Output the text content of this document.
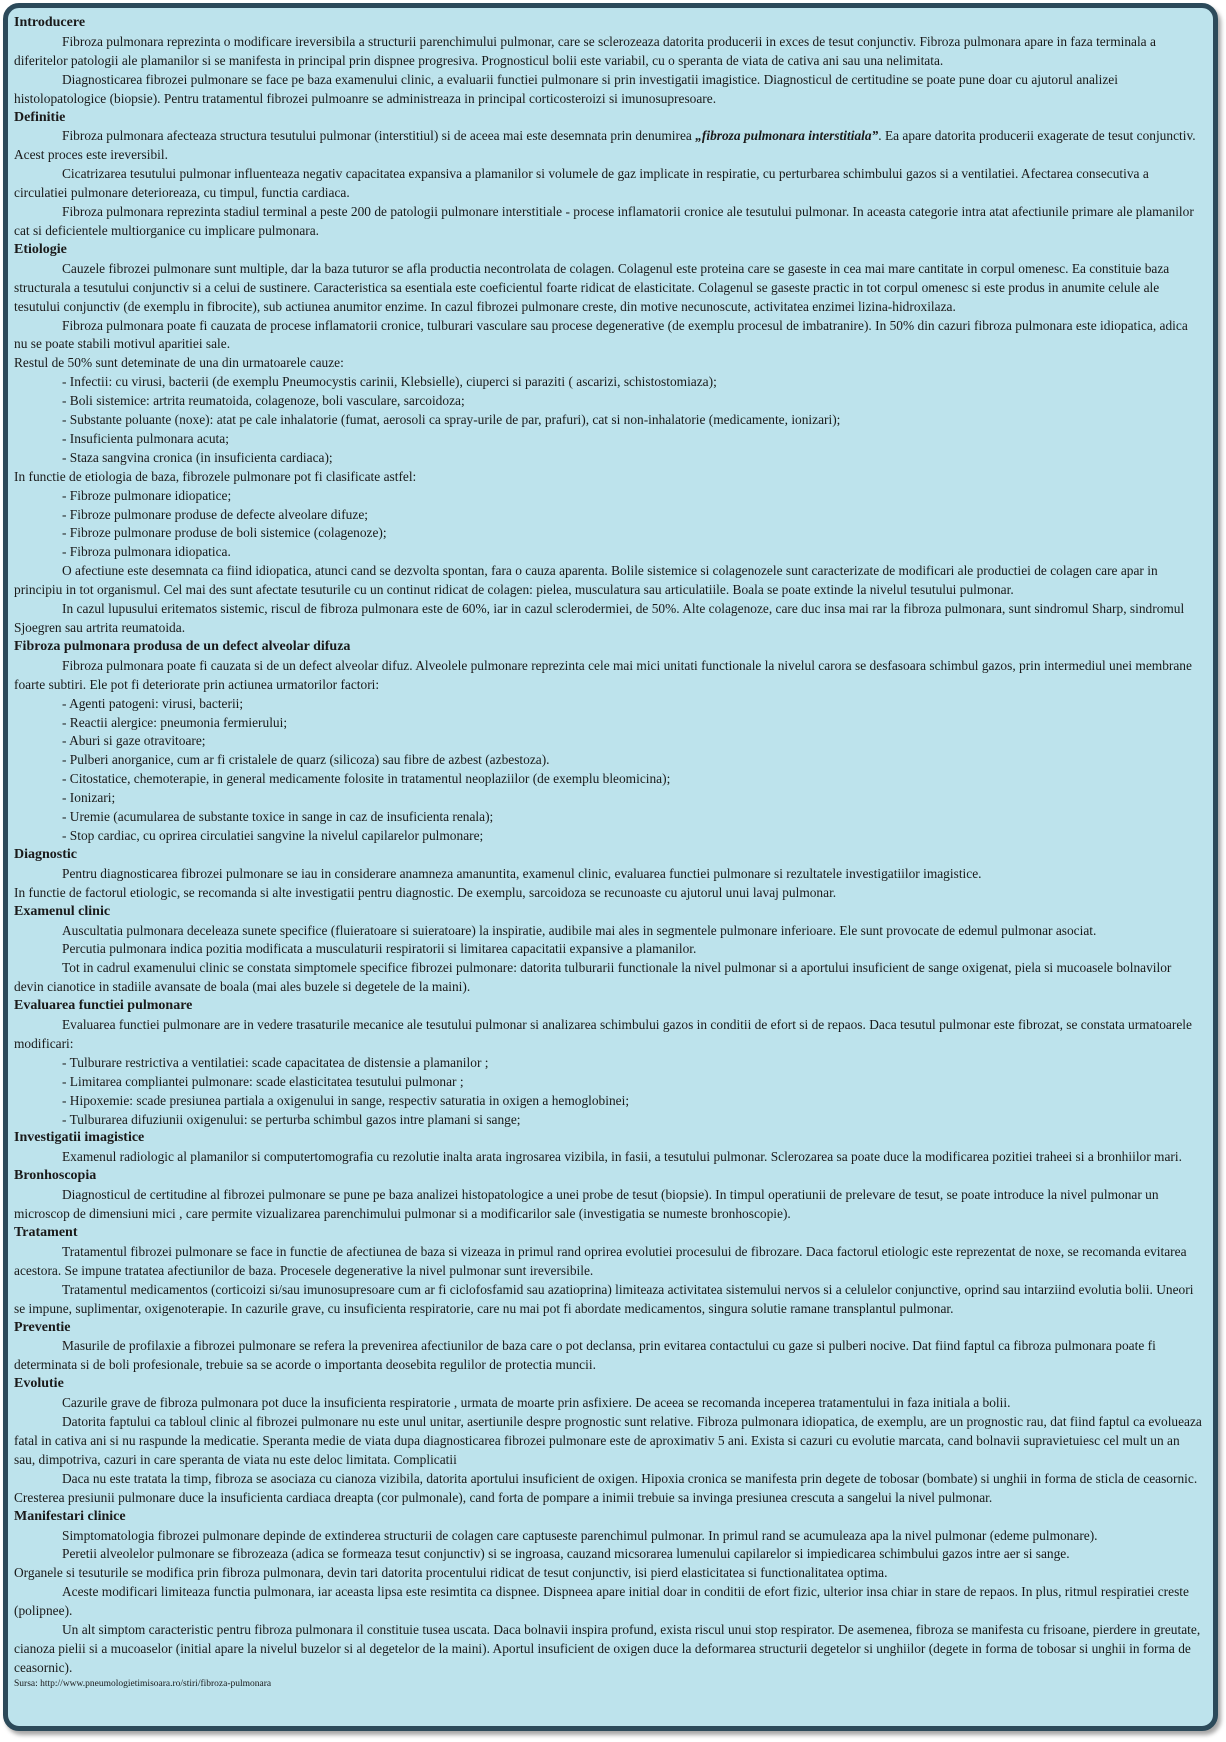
Introducere
Fibroza pulmonara reprezinta o modificare ireversibila a structurii parenchimului pulmonar, care se sclerozeaza datorita producerii in exces de tesut conjunctiv. Fibroza pulmonara apare in faza terminala a diferitelor patologii ale plamanilor si se manifesta in principal prin dispnee progresiva. Prognosticul bolii este variabil, cu o speranta de viata de cativa ani sau una nelimitata.
Diagnosticarea fibrozei pulmonare se face pe baza examenului clinic, a evaluarii functiei pulmonare si prin investigatii imagistice. Diagnosticul de certitudine se poate pune doar cu ajutorul analizei histolopatologice (biopsie). Pentru tratamentul fibrozei pulmoanre se administreaza in principal corticosteroizi si imunosupresoare.
Definitie
Fibroza pulmonara afecteaza structura tesutului pulmonar (interstitiul) si de aceea mai este desemnata prin denumirea „fibroza pulmonara interstitiala”. Ea apare datorita producerii exagerate de tesut conjunctiv. Acest proces este ireversibil.
Cicatrizarea tesutului pulmonar influenteaza negativ capacitatea expansiva a plamanilor si volumele de gaz implicate in respiratie, cu perturbarea schimbului gazos si a ventilatiei. Afectarea consecutiva a circulatiei pulmonare deterioreaza, cu timpul, functia cardiaca.
Fibroza pulmonara reprezinta stadiul terminal a peste 200 de patologii pulmonare interstitiale - procese inflamatorii cronice ale tesutului pulmonar. In aceasta categorie intra atat afectiunile primare ale plamanilor cat si deficientele multiorganice cu implicare pulmonara.
Etiologie
Cauzele fibrozei pulmonare sunt multiple, dar la baza tuturor se afla productia necontrolata de colagen. Colagenul este proteina care se gaseste in cea mai mare cantitate in corpul omenesc. Ea constituie baza structurala a tesutului conjunctiv si a celui de sustinere. Caracteristica sa esentiala este coeficientul foarte ridicat de elasticitate. Colagenul se gaseste practic in tot corpul omenesc si este produs in anumite celule ale tesutului conjunctiv (de exemplu in fibrocite), sub actiunea anumitor enzime. In cazul fibrozei pulmonare creste, din motive necunoscute, activitatea enzimei lizina-hidroxilaza.
Fibroza pulmonara poate fi cauzata de procese inflamatorii cronice, tulburari vasculare sau procese degenerative (de exemplu procesul de imbatranire). In 50% din cazuri fibroza pulmonara este idiopatica, adica nu se poate stabili motivul aparitiei sale.
Restul de 50% sunt deteminate de una din urmatoarele cauze:
- Infectii: cu virusi, bacterii (de exemplu Pneumocystis carinii, Klebsielle), ciuperci si paraziti ( ascarizi, schistostomiaza);
- Boli sistemice: artrita reumatoida, colagenoze, boli vasculare, sarcoidoza;
- Substante poluante (noxe): atat pe cale inhalatorie (fumat, aerosoli ca spray-urile de par, prafuri), cat si non-inhalatorie (medicamente, ionizari);
- Insuficienta pulmonara acuta;
- Staza sangvina cronica (in insuficienta cardiaca);
In functie de etiologia de baza, fibrozele pulmonare pot fi clasificate astfel:
- Fibroze pulmonare idiopatice;
- Fibroze pulmonare produse de defecte alveolare difuze;
- Fibroze pulmonare produse de boli sistemice (colagenoze);
- Fibroza pulmonara idiopatica.
O afectiune este desemnata ca fiind idiopatica, atunci cand se dezvolta spontan, fara o cauza aparenta. Bolile sistemice si colagenozele sunt caracterizate de modificari ale productiei de colagen care apar in principiu in tot organismul. Cel mai des sunt afectate tesuturile cu un continut ridicat de colagen: pielea, musculatura sau articulatiile. Boala se poate extinde la nivelul tesutului pulmonar.
In cazul lupusului eritematos sistemic, riscul de fibroza pulmonara este de 60%, iar in cazul sclerodermiei, de 50%. Alte colagenoze, care duc insa mai rar la fibroza pulmonara, sunt sindromul Sharp, sindromul Sjoegren sau artrita reumatoida.
Fibroza pulmonara produsa de un defect alveolar difuza
Fibroza pulmonara poate fi cauzata si de un defect alveolar difuz. Alveolele pulmonare reprezinta cele mai mici unitati functionale la nivelul carora se desfasoara schimbul gazos, prin intermediul unei membrane foarte subtiri. Ele pot fi deteriorate prin actiunea urmatorilor factori:
- Agenti patogeni: virusi, bacterii;
- Reactii alergice: pneumonia fermierului;
- Aburi si gaze otravitoare;
- Pulberi anorganice, cum ar fi cristalele de quarz (silicoza) sau fibre de azbest (azbestoza).
- Citostatice, chemoterapie, in general medicamente folosite in tratamentul neoplaziilor (de exemplu bleomicina);
- Ionizari;
- Uremie (acumularea de substante toxice in sange in caz de insuficienta renala);
- Stop cardiac, cu oprirea circulatiei sangvine la nivelul capilarelor pulmonare;
Diagnostic
Pentru diagnosticarea fibrozei pulmonare se iau in considerare anamneza amanuntita, examenul clinic, evaluarea functiei pulmonare si rezultatele investigatiilor imagistice.
In functie de factorul etiologic, se recomanda si alte investigatii pentru diagnostic. De exemplu, sarcoidoza se recunoaste cu ajutorul unui lavaj pulmonar.
Examenul clinic
Auscultatia pulmonara deceleaza sunete specifice (fluieratoare si suieratoare) la inspiratie, audibile mai ales in segmentele pulmonare inferioare. Ele sunt provocate de edemul pulmonar asociat.
Percutia pulmonara indica pozitia modificata a musculaturii respiratorii si limitarea capacitatii expansive a plamanilor.
Tot in cadrul examenului clinic se constata simptomele specifice fibrozei pulmonare: datorita tulburarii functionale la nivel pulmonar si a aportului insuficient de sange oxigenat, piela si mucoasele bolnavilor devin cianotice in stadiile avansate de boala (mai ales buzele si degetele de la maini).
Evaluarea functiei pulmonare
Evaluarea functiei pulmonare are in vedere trasaturile mecanice ale tesutului pulmonar si analizarea schimbului gazos in conditii de efort si de repaos. Daca tesutul pulmonar este fibrozat, se constata urmatoarele modificari:
- Tulburare restrictiva a ventilatiei: scade capacitatea de distensie a plamanilor ;
- Limitarea compliantei pulmonare: scade elasticitatea tesutului pulmonar ;
- Hipoxemie: scade presiunea partiala a oxigenului in sange, respectiv saturatia in oxigen a hemoglobinei;
- Tulburarea difuziunii oxigenului: se perturba schimbul gazos intre plamani si sange;
Investigatii imagistice
Examenul radiologic al plamanilor si computertomografia cu rezolutie inalta arata ingrosarea vizibila, in fasii, a tesutului pulmonar. Sclerozarea sa poate duce la modificarea pozitiei traheei si a bronhiilor mari.
Bronhoscopia
Diagnosticul de certitudine al fibrozei pulmonare se pune pe baza analizei histopatologice a unei probe de tesut (biopsie). In timpul operatiunii de prelevare de tesut, se poate introduce la nivel pulmonar un microscop de dimensiuni mici , care permite vizualizarea parenchimului pulmonar si a modificarilor sale (investigatia se numeste bronhoscopie).
Tratament
Tratamentul fibrozei pulmonare se face in functie de afectiunea de baza si vizeaza in primul rand oprirea evolutiei procesului de fibrozare. Daca factorul etiologic este reprezentat de noxe, se recomanda evitarea acestora. Se impune tratatea afectiunilor de baza. Procesele degenerative la nivel pulmonar sunt ireversibile.
Tratamentul medicamentos (corticoizi si/sau imunosupresoare cum ar fi ciclofosfamid sau azatioprina) limiteaza activitatea sistemului nervos si a celulelor conjunctive, oprind sau intarziind evolutia bolii. Uneori se impune, suplimentar, oxigenoterapie. In cazurile grave, cu insuficienta respiratorie, care nu mai pot fi abordate medicamentos, singura solutie ramane transplantul pulmonar.
Preventie
Masurile de profilaxie a fibrozei pulmonare se refera la prevenirea afectiunilor de baza care o pot declansa, prin evitarea contactului cu gaze si pulberi nocive. Dat fiind faptul ca fibroza pulmonara poate fi determinata si de boli profesionale, trebuie sa se acorde o importanta deosebita regulilor de protectia muncii.
Evolutie
Cazurile grave de fibroza pulmonara pot duce la insuficienta respiratorie , urmata de moarte prin asfixiere. De aceea se recomanda inceperea tratamentului in faza initiala a bolii.
Datorita faptului ca tabloul clinic al fibrozei pulmonare nu este unul unitar, asertiunile despre prognostic sunt relative. Fibroza pulmonara idiopatica, de exemplu, are un prognostic rau, dat fiind faptul ca evolueaza fatal in cativa ani si nu raspunde la medicatie. Speranta medie de viata dupa diagnosticarea fibrozei pulmonare este de aproximativ 5 ani. Exista si cazuri cu evolutie marcata, cand bolnavii supravietuiesc cel mult un an sau, dimpotriva, cazuri in care speranta de viata nu este deloc limitata. Complicatii
Daca nu este tratata la timp, fibroza se asociaza cu cianoza vizibila, datorita aportului insuficient de oxigen. Hipoxia cronica se manifesta prin degete de tobosar (bombate) si unghii in forma de sticla de ceasornic. Cresterea presiunii pulmonare duce la insuficienta cardiaca dreapta (cor pulmonale), cand forta de pompare a inimii trebuie sa invinga presiunea crescuta a sangelui la nivel pulmonar.
Manifestari clinice
Simptomatologia fibrozei pulmonare depinde de extinderea structurii de colagen care captuseste parenchimul pulmonar. In primul rand se acumuleaza apa la nivel pulmonar (edeme pulmonare).
Peretii alveolelor pulmonare se fibrozeaza (adica se formeaza tesut conjunctiv) si se ingroasa, cauzand micsorarea lumenului capilarelor si impiedicarea schimbului gazos intre aer si sange.
Organele si tesuturile se modifica prin fibroza pulmonara, devin tari datorita procentului ridicat de tesut conjunctiv, isi pierd elasticitatea si functionalitatea optima.
Aceste modificari limiteaza functia pulmonara, iar aceasta lipsa este resimtita ca dispnee. Dispneea apare initial doar in conditii de efort fizic, ulterior insa chiar in stare de repaos. In plus, ritmul respiratiei creste (polipnee).
Un alt simptom caracteristic pentru fibroza pulmonara il constituie tusea uscata. Daca bolnavii inspira profund, exista riscul unui stop respirator. De asemenea, fibroza se manifesta cu frisoane, pierdere in greutate, cianoza pielii si a mucoaselor (initial apare la nivelul buzelor si al degetelor de la maini). Aportul insuficient de oxigen duce la deformarea structurii degetelor si unghiilor (degete in forma de tobosar si unghii in forma de ceasornic).
Sursa: http://www.pneumologietimisoara.ro/stiri/fibroza-pulmonara
